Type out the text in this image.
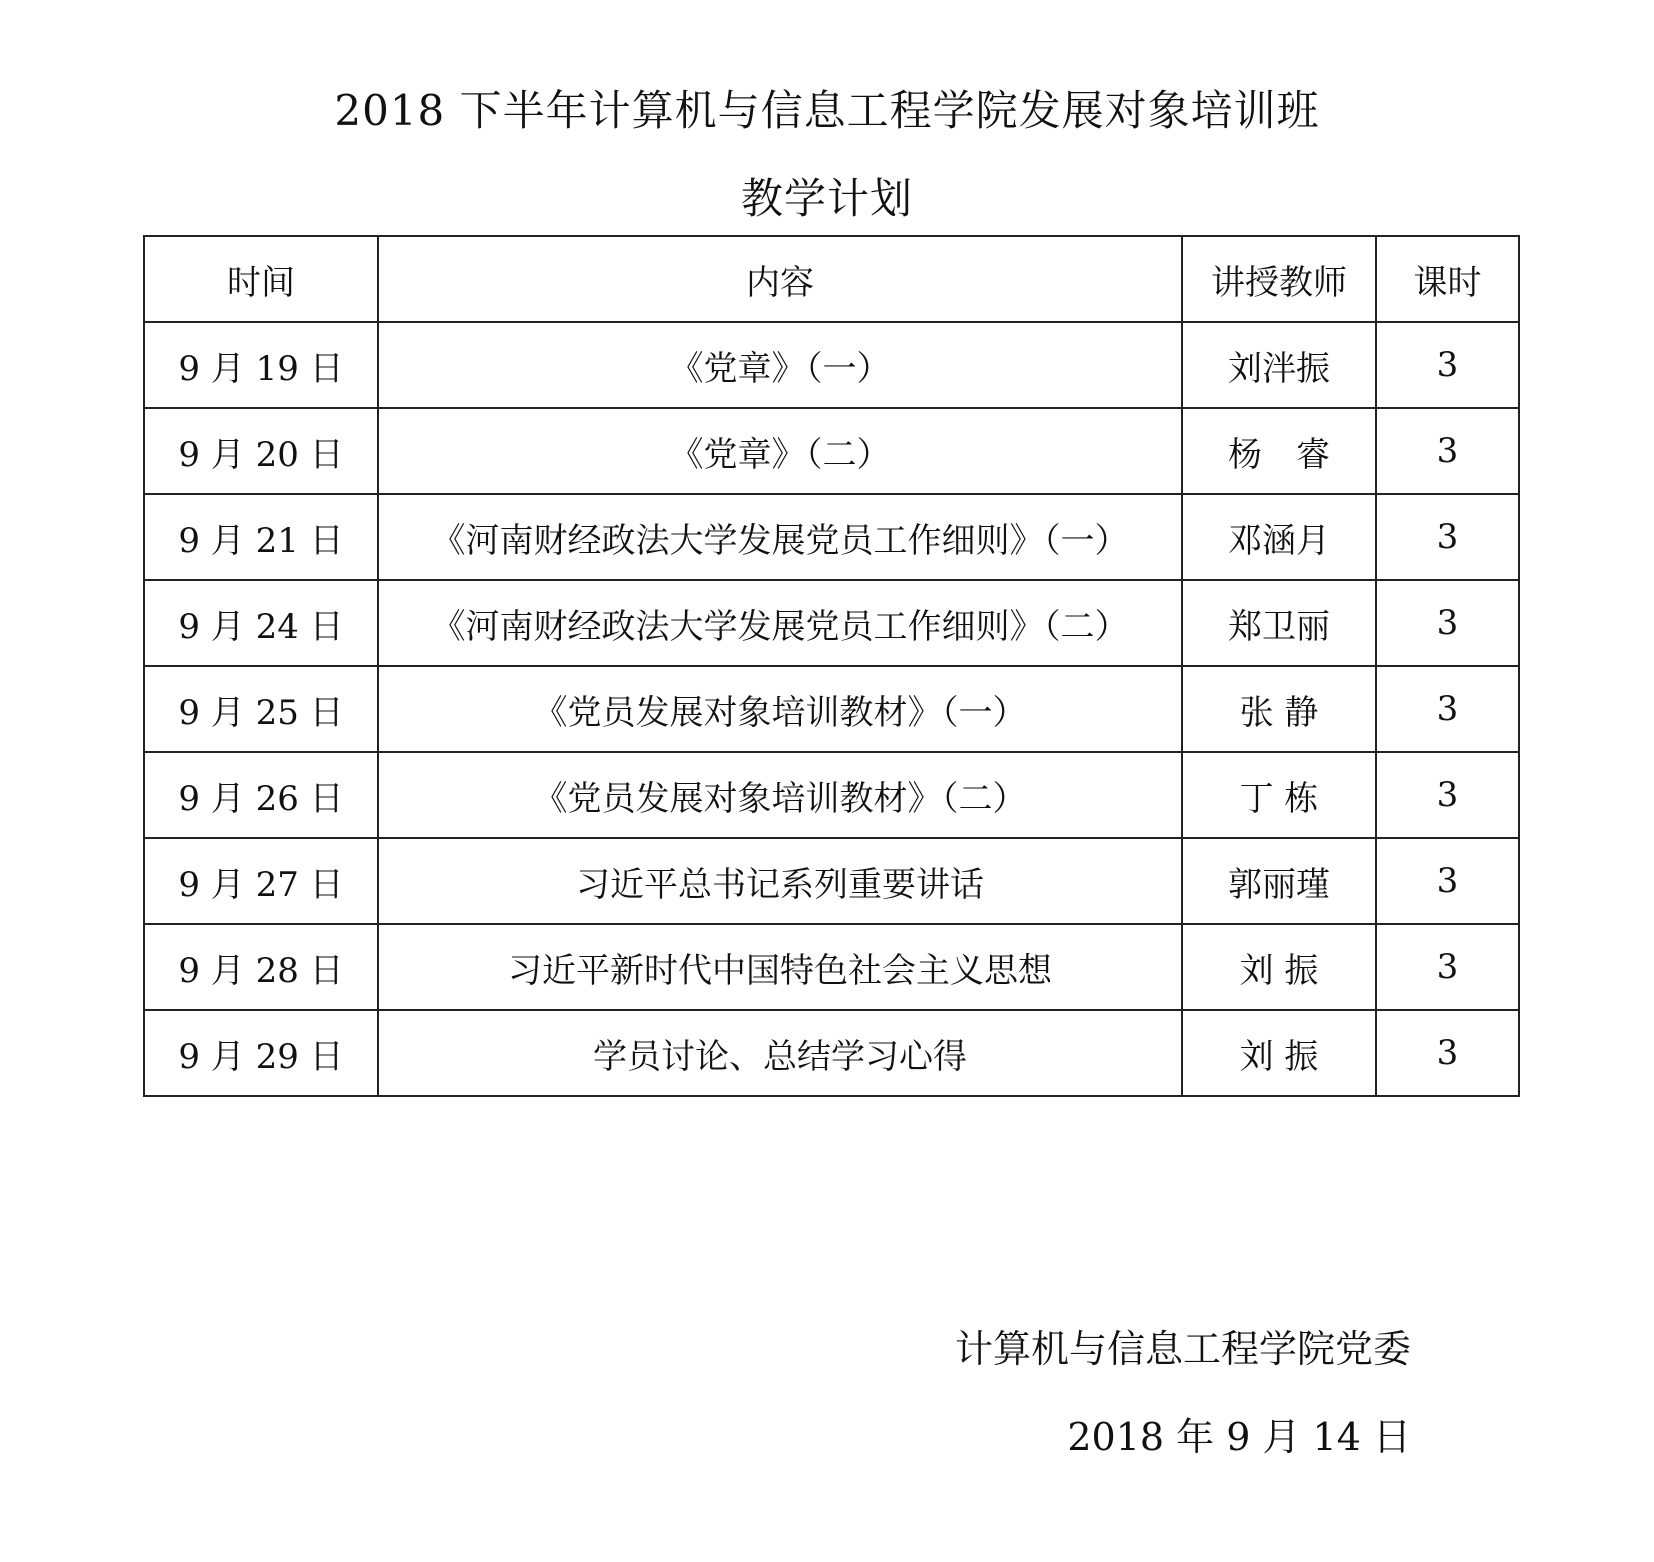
2018 下半年计算机与信息工程学院发展对象培训班
教学计划
时间	内容	讲授教师	课时
9 月 19 日	《党章》（一）	刘泮振	3
9 月 20 日	《党章》（二）	杨　睿	3
9 月 21 日	《河南财经政法大学发展党员工作细则》（一）	邓涵月	3
9 月 24 日	《河南财经政法大学发展党员工作细则》（二）	郑卫丽	3
9 月 25 日	《党员发展对象培训教材》（一）	张 静	3
9 月 26 日	《党员发展对象培训教材》（二）	丁 栋	3
9 月 27 日	习近平总书记系列重要讲话	郭丽瑾	3
9 月 28 日	习近平新时代中国特色社会主义思想	刘 振	3
9 月 29 日	学员讨论、总结学习心得	刘 振	3
计算机与信息工程学院党委
2018 年 9 月 14 日
